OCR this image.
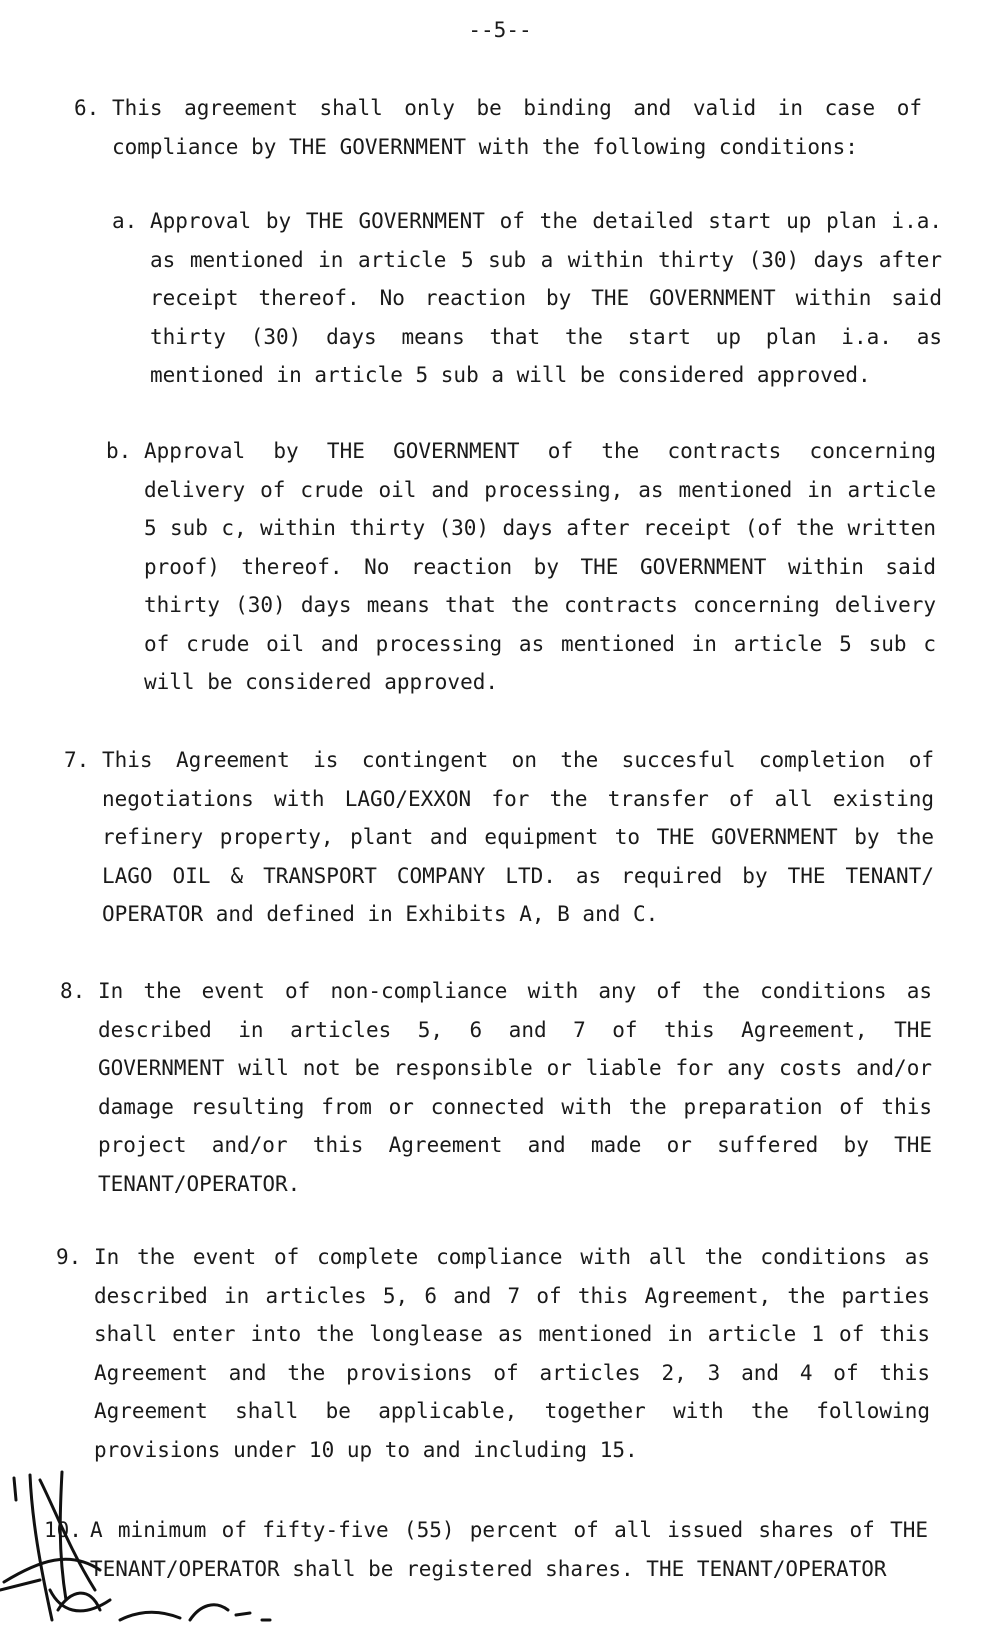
--5--
6. This agreement shall only be binding and valid in case of compliance by THE GOVERNMENT with the following conditions:
a. Approval by THE GOVERNMENT of the detailed start up plan i.a. as mentioned in article 5 sub a within thirty (30) days after receipt thereof. No reaction by THE GOVERNMENT within said thirty (30) days means that the start up plan i.a. as mentioned in article 5 sub a will be considered approved.
b. Approval by THE GOVERNMENT of the contracts concerning delivery of crude oil and processing, as mentioned in article 5 sub c, within thirty (30) days after receipt (of the written proof) thereof. No reaction by THE GOVERNMENT within said thirty (30) days means that the contracts concerning delivery of crude oil and processing as mentioned in article 5 sub c will be considered approved.
7. This Agreement is contingent on the succesful completion of negotiations with LAGO/EXXON for the transfer of all existing refinery property, plant and equipment to THE GOVERNMENT by the LAGO OIL & TRANSPORT COMPANY LTD. as required by THE TENANT/ OPERATOR and defined in Exhibits A, B and C.
8. In the event of non-compliance with any of the conditions as described in articles 5, 6 and 7 of this Agreement, THE GOVERNMENT will not be responsible or liable for any costs and/or damage resulting from or connected with the preparation of this project and/or this Agreement and made or suffered by THE TENANT/OPERATOR.
9. In the event of complete compliance with all the conditions as described in articles 5, 6 and 7 of this Agreement, the parties shall enter into the longlease as mentioned in article 1 of this Agreement and the provisions of articles 2, 3 and 4 of this Agreement shall be applicable, together with the following provisions under 10 up to and including 15.
10. A minimum of fifty-five (55) percent of all issued shares of THE TENANT/OPERATOR shall be registered shares. THE TENANT/OPERATOR
